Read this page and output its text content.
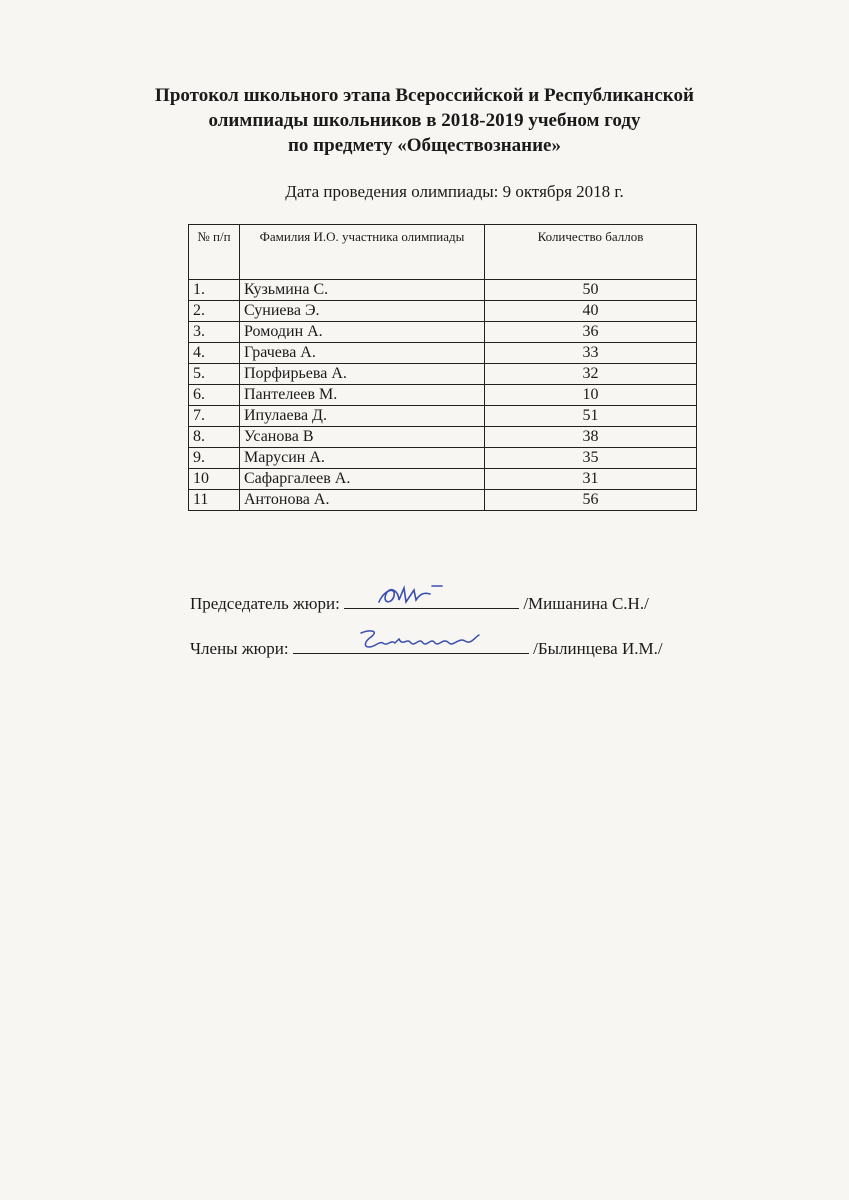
Протокол школьного этапа Всероссийской и Республиканской
олимпиады школьников в 2018-2019 учебном году
по предмету «Обществознание»
Дата проведения олимпиады: 9 октября 2018 г.
№ п/п	Фамилия И.О. участника олимпиады	Количество баллов
1.	Кузьмина С.	50
2.	Суниева Э.	40
3.	Ромодин А.	36
4.	Грачева А.	33
5.	Порфирьева А.	32
6.	Пантелеев М.	10
7.	Ипулаева Д.	51
8.	Усанова В	38
9.	Марусин А.	35
10	Сафаргалеев А.	31
11	Антонова А.	56
Председатель жюри:	/Мишанина С.Н./
Члены жюри:	/Былинцева И.М./
